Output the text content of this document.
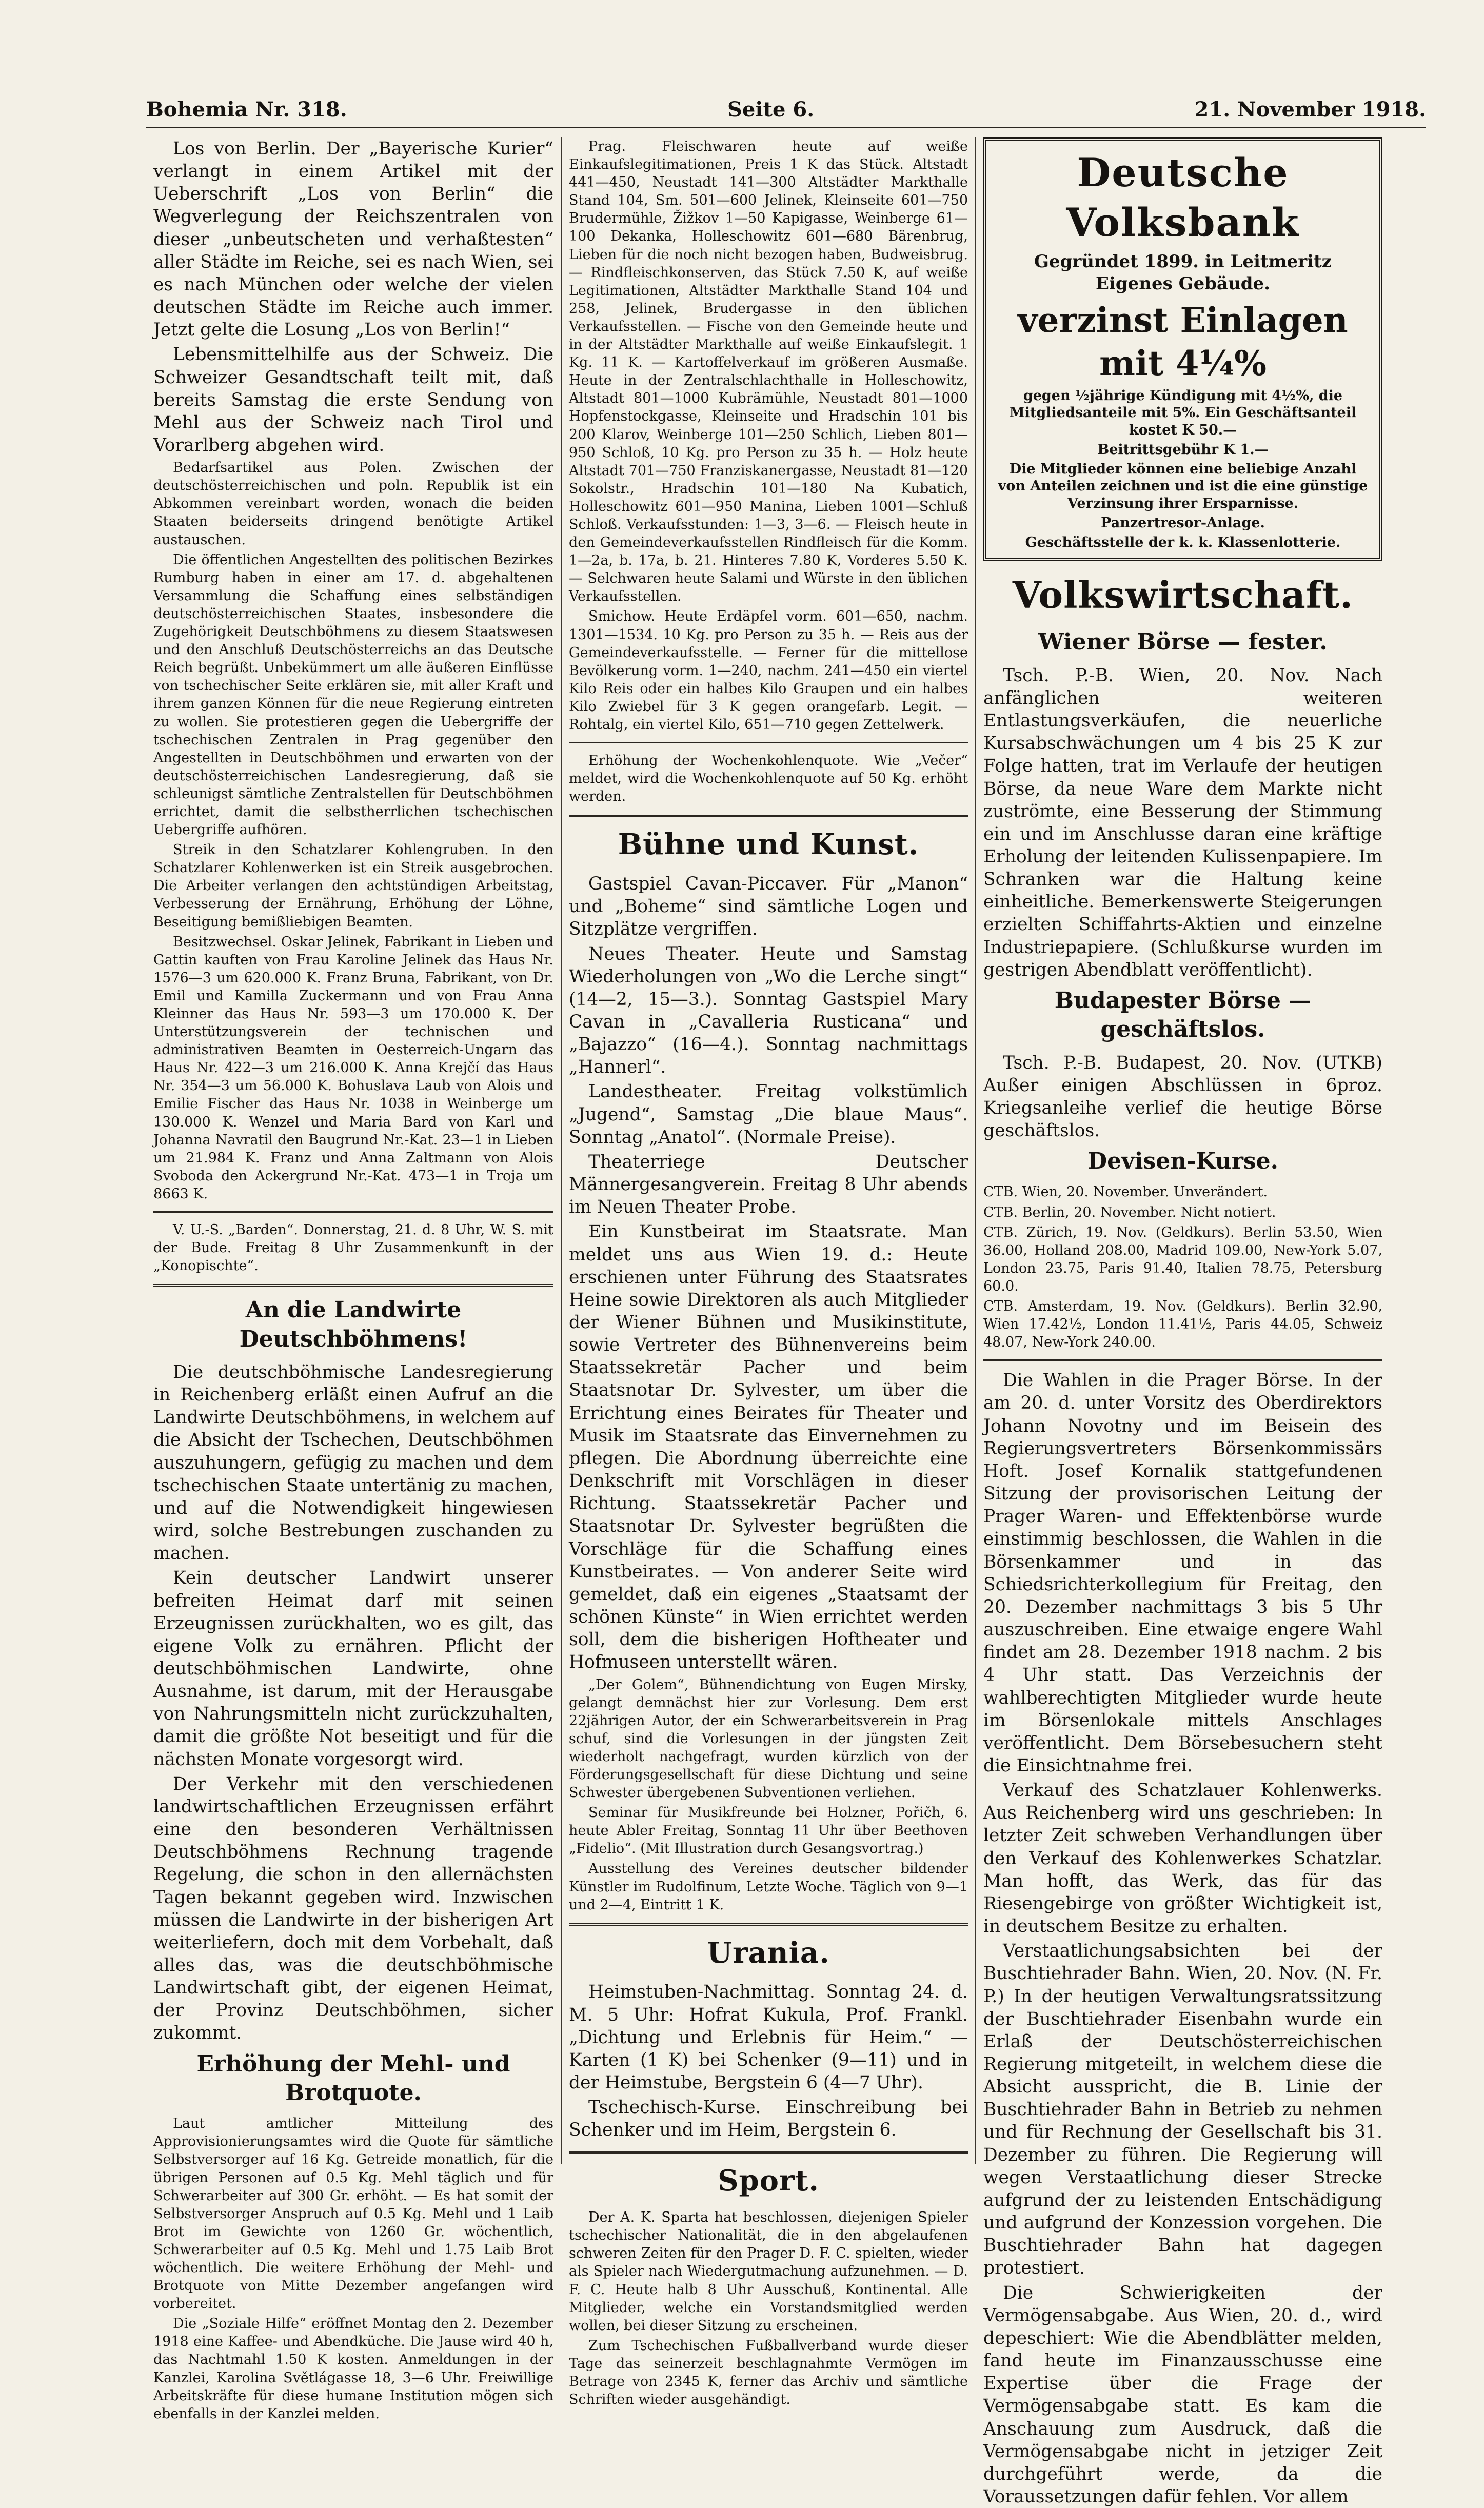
Bohemia Nr. 318.	Seite 6.	21. November 1918.

Los von Berlin. Der „Bayerische Kurier“ verlangt in einem Artikel mit der Ueberschrift „Los von Berlin“ die Wegverlegung der Reichszentralen von dieser „unbeutscheten und verhaßtesten“ aller Städte im Reiche, sei es nach Wien, sei es nach München oder welche der vielen deutschen Städte im Reiche auch immer. Jetzt gelte die Losung „Los von Berlin!“

Lebensmittelhilfe aus der Schweiz. Die Schweizer Gesandtschaft teilt mit, daß bereits Samstag die erste Sendung von Mehl aus der Schweiz nach Tirol und Vorarlberg abgehen wird.

Bedarfsartikel aus Polen. Zwischen der deutschösterreichischen und poln. Republik ist ein Abkommen vereinbart worden, wonach die beiden Staaten beiderseits dringend benötigte Artikel austauschen.

Die öffentlichen Angestellten des politischen Bezirkes Rumburg haben in einer am 17. d. abgehaltenen Versammlung die Schaffung eines selbständigen deutschösterreichischen Staates, insbesondere die Zugehörigkeit Deutschböhmens zu diesem Staatswesen und den Anschluß Deutschösterreichs an das Deutsche Reich begrüßt. Unbekümmert um alle äußeren Einflüsse von tschechischer Seite erklären sie, mit aller Kraft und ihrem ganzen Können für die neue Regierung eintreten zu wollen. Sie protestieren gegen die Uebergriffe der tschechischen Zentralen in Prag gegenüber den Angestellten in Deutschböhmen und erwarten von der deutschösterreichischen Landesregierung, daß sie schleunigst sämtliche Zentralstellen für Deutschböhmen errichtet, damit die selbstherrlichen tschechischen Uebergriffe aufhören.

Streik in den Schatzlarer Kohlengruben. In den Schatzlarer Kohlenwerken ist ein Streik ausgebrochen. Die Arbeiter verlangen den achtstündigen Arbeitstag, Verbesserung der Ernährung, Erhöhung der Löhne, Beseitigung bemißliebigen Beamten.

Besitzwechsel. Oskar Jelinek, Fabrikant in Lieben und Gattin kauften von Frau Karoline Jelinek das Haus Nr. 1576—3 um 620.000 K. Franz Bruna, Fabrikant, von Dr. Emil und Kamilla Zuckermann und von Frau Anna Kleinner das Haus Nr. 593—3 um 170.000 K. Der Unterstützungsverein der technischen und administrativen Beamten in Oesterreich-Ungarn das Haus Nr. 422—3 um 216.000 K. Anna Krejčí das Haus Nr. 354—3 um 56.000 K. Bohuslava Laub von Alois und Emilie Fischer das Haus Nr. 1038 in Weinberge um 130.000 K. Wenzel und Maria Bard von Karl und Johanna Navratil den Baugrund Nr.-Kat. 23—1 in Lieben um 21.984 K. Franz und Anna Zaltmann von Alois Svoboda den Ackergrund Nr.-Kat. 473—1 in Troja um 8663 K.

V. U.-S. „Barden“. Donnerstag, 21. d. 8 Uhr, W. S. mit der Bude. Freitag 8 Uhr Zusammenkunft in der „Konopischte“.

An die Landwirte Deutschböhmens!

Die deutschböhmische Landesregierung in Reichenberg erläßt einen Aufruf an die Landwirte Deutschböhmens, in welchem auf die Absicht der Tschechen, Deutschböhmen auszuhungern, gefügig zu machen und dem tschechischen Staate untertänig zu machen, und auf die Notwendigkeit hingewiesen wird, solche Bestrebungen zuschanden zu machen.

Kein deutscher Landwirt unserer befreiten Heimat darf mit seinen Erzeugnissen zurückhalten, wo es gilt, das eigene Volk zu ernähren. Pflicht der deutschböhmischen Landwirte, ohne Ausnahme, ist darum, mit der Herausgabe von Nahrungsmitteln nicht zurückzuhalten, damit die größte Not beseitigt und für die nächsten Monate vorgesorgt wird.

Der Verkehr mit den verschiedenen landwirtschaftlichen Erzeugnissen erfährt eine den besonderen Verhältnissen Deutschböhmens Rechnung tragende Regelung, die schon in den allernächsten Tagen bekannt gegeben wird. Inzwischen müssen die Landwirte in der bisherigen Art weiterliefern, doch mit dem Vorbehalt, daß alles das, was die deutschböhmische Landwirtschaft gibt, der eigenen Heimat, der Provinz Deutschböhmen, sicher zukommt.

Erhöhung der Mehl- und Brotquote.

Laut amtlicher Mitteilung des Approvisionierungsamtes wird die Quote für sämtliche Selbstversorger auf 16 Kg. Getreide monatlich, für die übrigen Personen auf 0.5 Kg. Mehl täglich und für Schwerarbeiter auf 300 Gr. erhöht. — Es hat somit der Selbstversorger Anspruch auf 0.5 Kg. Mehl und 1 Laib Brot im Gewichte von 1260 Gr. wöchentlich, Schwerarbeiter auf 0.5 Kg. Mehl und 1.75 Laib Brot wöchentlich. Die weitere Erhöhung der Mehl- und Brotquote von Mitte Dezember angefangen wird vorbereitet.

Die „Soziale Hilfe“ eröffnet Montag den 2. Dezember 1918 eine Kaffee- und Abendküche. Die Jause wird 40 h, das Nachtmahl 1.50 K kosten. Anmeldungen in der Kanzlei, Karolina Světlágasse 18, 3—6 Uhr. Freiwillige Arbeitskräfte für diese humane Institution mögen sich ebenfalls in der Kanzlei melden.

Prag. Fleischwaren heute auf weiße Einkaufslegitimationen, Preis 1 K das Stück. Altstadt 441—450, Neustadt 141—300 Altstädter Markthalle Stand 104, Sm. 501—600 Jelinek, Kleinseite 601—750 Brudermühle, Žižkov 1—50 Kapigasse, Weinberge 61—100 Dekanka, Holleschowitz 601—680 Bärenbrug, Lieben für die noch nicht bezogen haben, Budweisbrug. — Rindfleischkonserven, das Stück 7.50 K, auf weiße Legitimationen, Altstädter Markthalle Stand 104 und 258, Jelinek, Brudergasse in den üblichen Verkaufsstellen. — Fische von den Gemeinde heute und in der Altstädter Markthalle auf weiße Einkaufslegit. 1 Kg. 11 K. — Kartoffelverkauf im größeren Ausmaße. Heute in der Zentralschlachthalle in Holleschowitz, Altstadt 801—1000 Kubrämühle, Neustadt 801—1000 Hopfenstockgasse, Kleinseite und Hradschin 101 bis 200 Klarov, Weinberge 101—250 Schlich, Lieben 801—950 Schloß, 10 Kg. pro Person zu 35 h. — Holz heute Altstadt 701—750 Franziskanergasse, Neustadt 81—120 Sokolstr., Hradschin 101—180 Na Kubatich, Holleschowitz 601—950 Manina, Lieben 1001—Schluß Schloß. Verkaufsstunden: 1—3, 3—6. — Fleisch heute in den Gemeindeverkaufsstellen Rindfleisch für die Komm. 1—2a, b. 17a, b. 21. Hinteres 7.80 K, Vorderes 5.50 K. — Selchwaren heute Salami und Würste in den üblichen Verkaufsstellen.

Smichow. Heute Erdäpfel vorm. 601—650, nachm. 1301—1534. 10 Kg. pro Person zu 35 h. — Reis aus der Gemeindeverkaufsstelle. — Ferner für die mittellose Bevölkerung vorm. 1—240, nachm. 241—450 ein viertel Kilo Reis oder ein halbes Kilo Graupen und ein halbes Kilo Zwiebel für 3 K gegen orangefarb. Legit. — Rohtalg, ein viertel Kilo, 651—710 gegen Zettelwerk.

Erhöhung der Wochenkohlenquote. Wie „Večer“ meldet, wird die Wochenkohlenquote auf 50 Kg. erhöht werden.

Bühne und Kunst.

Gastspiel Cavan-Piccaver. Für „Manon“ und „Boheme“ sind sämtliche Logen und Sitzplätze vergriffen.

Neues Theater. Heute und Samstag Wiederholungen von „Wo die Lerche singt“ (14—2, 15—3.). Sonntag Gastspiel Mary Cavan in „Cavalleria Rusticana“ und „Bajazzo“ (16—4.). Sonntag nachmittags „Hannerl“.

Landestheater. Freitag volkstümlich „Jugend“, Samstag „Die blaue Maus“. Sonntag „Anatol“. (Normale Preise).

Theaterriege Deutscher Männergesangverein. Freitag 8 Uhr abends im Neuen Theater Probe.

Ein Kunstbeirat im Staatsrate. Man meldet uns aus Wien 19. d.: Heute erschienen unter Führung des Staatsrates Heine sowie Direktoren als auch Mitglieder der Wiener Bühnen und Musikinstitute, sowie Vertreter des Bühnenvereins beim Staatssekretär Pacher und beim Staatsnotar Dr. Sylvester, um über die Errichtung eines Beirates für Theater und Musik im Staatsrate das Einvernehmen zu pflegen. Die Abordnung überreichte eine Denkschrift mit Vorschlägen in dieser Richtung. Staatssekretär Pacher und Staatsnotar Dr. Sylvester begrüßten die Vorschläge für die Schaffung eines Kunstbeirates. — Von anderer Seite wird gemeldet, daß ein eigenes „Staatsamt der schönen Künste“ in Wien errichtet werden soll, dem die bisherigen Hoftheater und Hofmuseen unterstellt wären.

„Der Golem“, Bühnendichtung von Eugen Mirsky, gelangt demnächst hier zur Vorlesung. Dem erst 22jährigen Autor, der ein Schwerarbeitsverein in Prag schuf, sind die Vorlesungen in der jüngsten Zeit wiederholt nachgefragt, wurden kürzlich von der Förderungsgesellschaft für diese Dichtung und seine Schwester übergebenen Subventionen verliehen.

Seminar für Musikfreunde bei Holzner, Pořičh, 6. heute Abler Freitag, Sonntag 11 Uhr über Beethoven „Fidelio“. (Mit Illustration durch Gesangsvortrag.)

Ausstellung des Vereines deutscher bildender Künstler im Rudolfinum, Letzte Woche. Täglich von 9—1 und 2—4, Eintritt 1 K.

Urania.

Heimstuben-Nachmittag. Sonntag 24. d. M. 5 Uhr: Hofrat Kukula, Prof. Frankl. „Dichtung und Erlebnis für Heim.“ — Karten (1 K) bei Schenker (9—11) und in der Heimstube, Bergstein 6 (4—7 Uhr).

Tschechisch-Kurse. Einschreibung bei Schenker und im Heim, Bergstein 6.

Sport.

Der A. K. Sparta hat beschlossen, diejenigen Spieler tschechischer Nationalität, die in den abgelaufenen schweren Zeiten für den Prager D. F. C. spielten, wieder als Spieler nach Wiedergutmachung aufzunehmen. — D. F. C. Heute halb 8 Uhr Ausschuß, Kontinental. Alle Mitglieder, welche ein Vorstandsmitglied werden wollen, bei dieser Sitzung zu erscheinen.

Zum Tschechischen Fußballverband wurde dieser Tage das seinerzeit beschlagnahmte Vermögen im Betrage von 2345 K, ferner das Archiv und sämtliche Schriften wieder ausgehändigt.

Deutsche Volksbank
Gegründet 1899. in Leitmeritz Eigenes Gebäude.
verzinst Einlagen mit 4¼%
gegen ½jährige Kündigung mit 4½%, die Mitgliedsanteile mit 5%. Ein Geschäftsanteil kostet K 50.—
Beitrittsgebühr K 1.—
Die Mitglieder können eine beliebige Anzahl von Anteilen zeichnen und ist die eine günstige Verzinsung ihrer Ersparnisse.
Panzertresor-Anlage.
Geschäftsstelle der k. k. Klassenlotterie.
Volkswirtschaft.
Wiener Börse — fester.

Tsch. P.-B. Wien, 20. Nov. Nach anfänglichen weiteren Entlastungsverkäufen, die neuerliche Kursabschwächungen um 4 bis 25 K zur Folge hatten, trat im Verlaufe der heutigen Börse, da neue Ware dem Markte nicht zuströmte, eine Besserung der Stimmung ein und im Anschlusse daran eine kräftige Erholung der leitenden Kulissenpapiere. Im Schranken war die Haltung keine einheitliche. Bemerkenswerte Steigerungen erzielten Schiffahrts-Aktien und einzelne Industriepapiere. (Schlußkurse wurden im gestrigen Abendblatt veröffentlicht).

Budapester Börse — geschäftslos.

Tsch. P.-B. Budapest, 20. Nov. (UTKB) Außer einigen Abschlüssen in 6proz. Kriegsanleihe verlief die heutige Börse geschäftslos.

Devisen-Kurse.

CTB. Wien, 20. November. Unverändert.

CTB. Berlin, 20. November. Nicht notiert.

CTB. Zürich, 19. Nov. (Geldkurs). Berlin 53.50, Wien 36.00, Holland 208.00, Madrid 109.00, New-York 5.07, London 23.75, Paris 91.40, Italien 78.75, Petersburg 60.0.

CTB. Amsterdam, 19. Nov. (Geldkurs). Berlin 32.90, Wien 17.42½, London 11.41½, Paris 44.05, Schweiz 48.07, New-York 240.00.

Die Wahlen in die Prager Börse. In der am 20. d. unter Vorsitz des Oberdirektors Johann Novotny und im Beisein des Regierungsvertreters Börsenkommissärs Hoft. Josef Kornalik stattgefundenen Sitzung der provisorischen Leitung der Prager Waren- und Effektenbörse wurde einstimmig beschlossen, die Wahlen in die Börsenkammer und in das Schiedsrichterkollegium für Freitag, den 20. Dezember nachmittags 3 bis 5 Uhr auszuschreiben. Eine etwaige engere Wahl findet am 28. Dezember 1918 nachm. 2 bis 4 Uhr statt. Das Verzeichnis der wahlberechtigten Mitglieder wurde heute im Börsenlokale mittels Anschlages veröffentlicht. Dem Börsebesuchern steht die Einsichtnahme frei.

Verkauf des Schatzlauer Kohlenwerks. Aus Reichenberg wird uns geschrieben: In letzter Zeit schweben Verhandlungen über den Verkauf des Kohlenwerkes Schatzlar. Man hofft, das Werk, das für das Riesengebirge von größter Wichtigkeit ist, in deutschem Besitze zu erhalten.

Verstaatlichungsabsichten bei der Buschtiehrader Bahn. Wien, 20. Nov. (N. Fr. P.) In der heutigen Verwaltungsratssitzung der Buschtiehrader Eisenbahn wurde ein Erlaß der Deutschösterreichischen Regierung mitgeteilt, in welchem diese die Absicht ausspricht, die B. Linie der Buschtiehrader Bahn in Betrieb zu nehmen und für Rechnung der Gesellschaft bis 31. Dezember zu führen. Die Regierung will wegen Verstaatlichung dieser Strecke aufgrund der zu leistenden Entschädigung und aufgrund der Konzession vorgehen. Die Buschtiehrader Bahn hat dagegen protestiert.

Die Schwierigkeiten der Vermögensabgabe. Aus Wien, 20. d., wird depeschiert: Wie die Abendblätter melden, fand heute im Finanzausschusse eine Expertise über die Frage der Vermögensabgabe statt. Es kam die Anschauung zum Ausdruck, daß die Vermögensabgabe nicht in jetziger Zeit durchgeführt werde, da die Voraussetzungen dafür fehlen. Vor allem
